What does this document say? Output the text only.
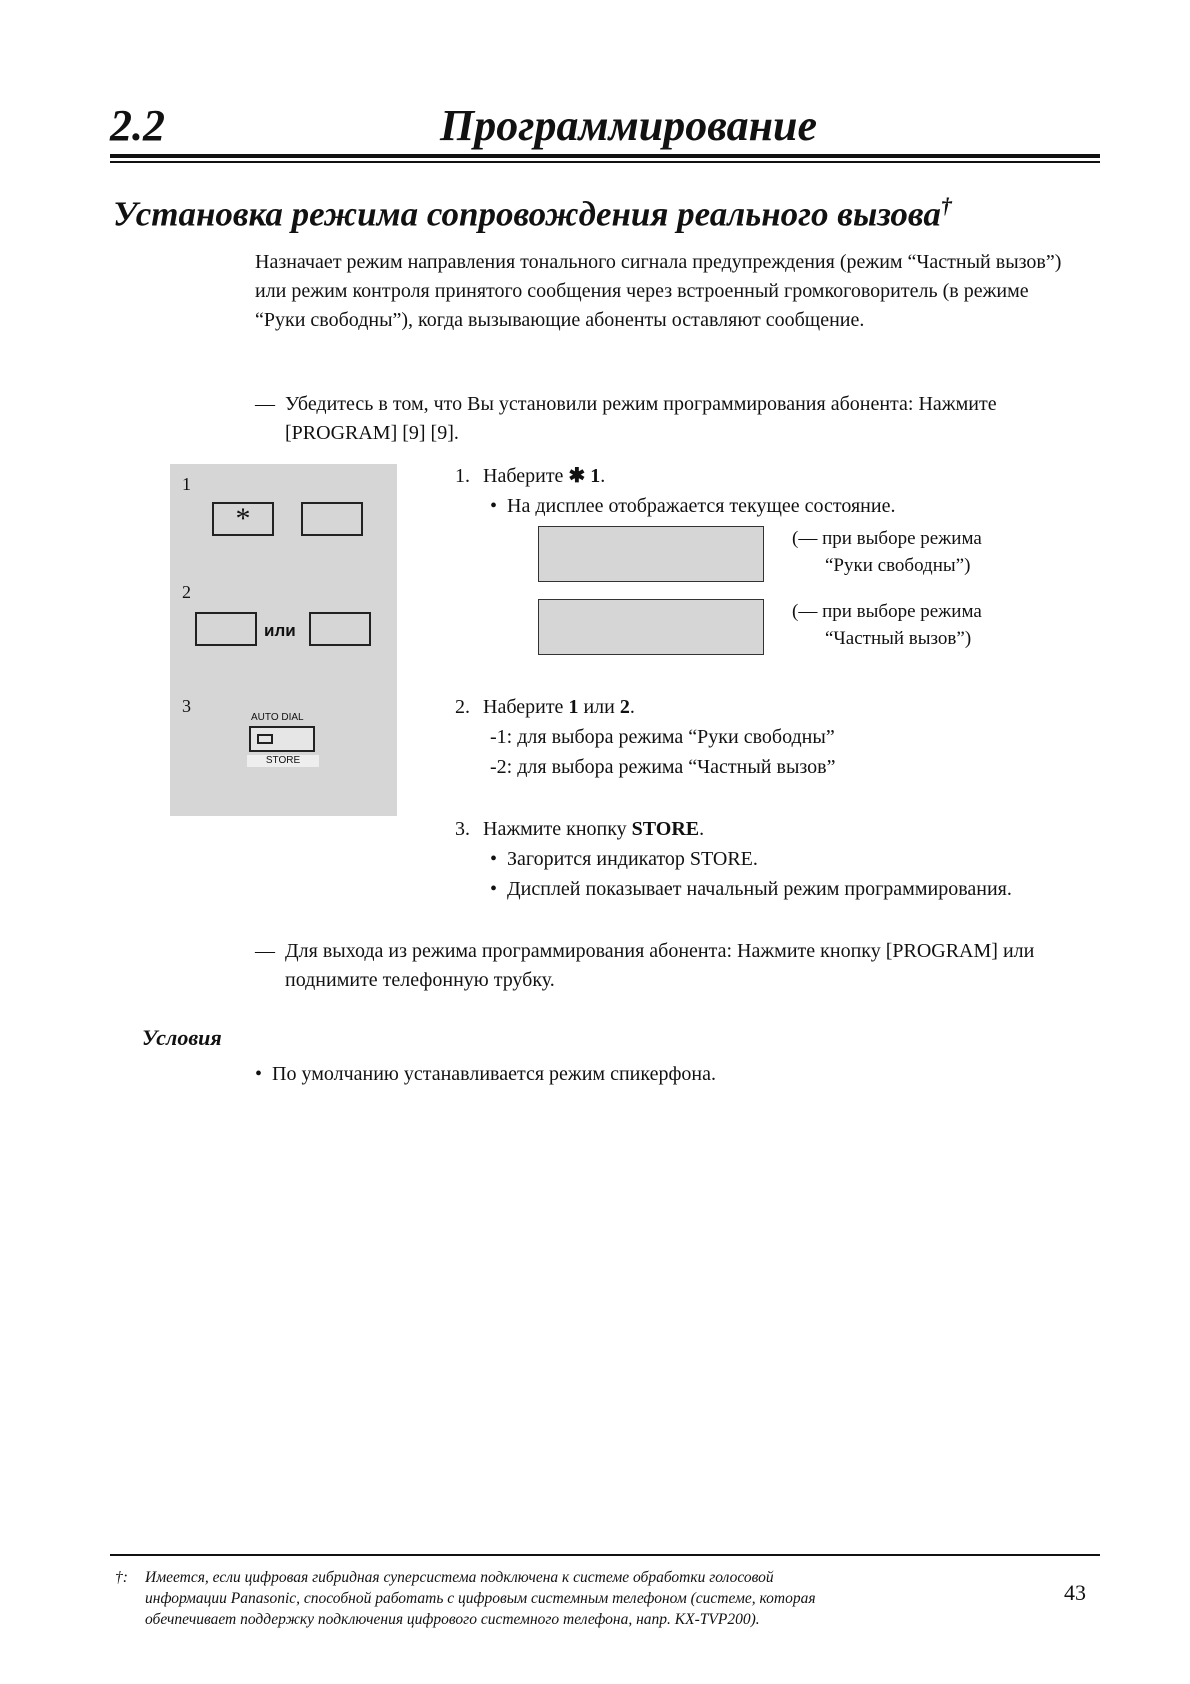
2.2	Программирование
Установка режима сопровождения реального вызова†
Назначает режим направления тонального сигнала предупреждения (режим “Частный вызов”) или режим контроля принятого сообщения через встроенный громкоговоритель (в режиме “Руки свободны”), когда вызывающие абоненты оставляют сообщение.
— Убедитесь в том, что Вы установили режим программирования абонента: Нажмите [PROGRAM] [9] [9].
1
*
2
или
3
AUTO DIAL
STORE
1. Наберите ✱ 1.
•  На дисплее отображается текущее состояние.
(— при выборе режима
“Руки свободны”)
(— при выборе режима
“Частный вызов”)
2. Наберите 1 или 2.
-1: для выбора режима “Руки свободны”
-2: для выбора режима “Частный вызов”
3. Нажмите кнопку STORE.
•  Загорится индикатор STORE.
•  Дисплей показывает начальный режим программирования.
— Для выхода из режима программирования абонента: Нажмите кнопку [PROGRAM] или поднимите телефонную трубку.
Условия
•  По умолчанию устанавливается режим спикерфона.
†:	Имеется, если цифровая гибридная суперсистема подключена к системе обработки голосовой информации Panasonic, способной работать с цифровым системным телефоном (системе, которая обечпечивает поддержку подключения цифрового системного телефона, напр. KX-TVP200).
43
